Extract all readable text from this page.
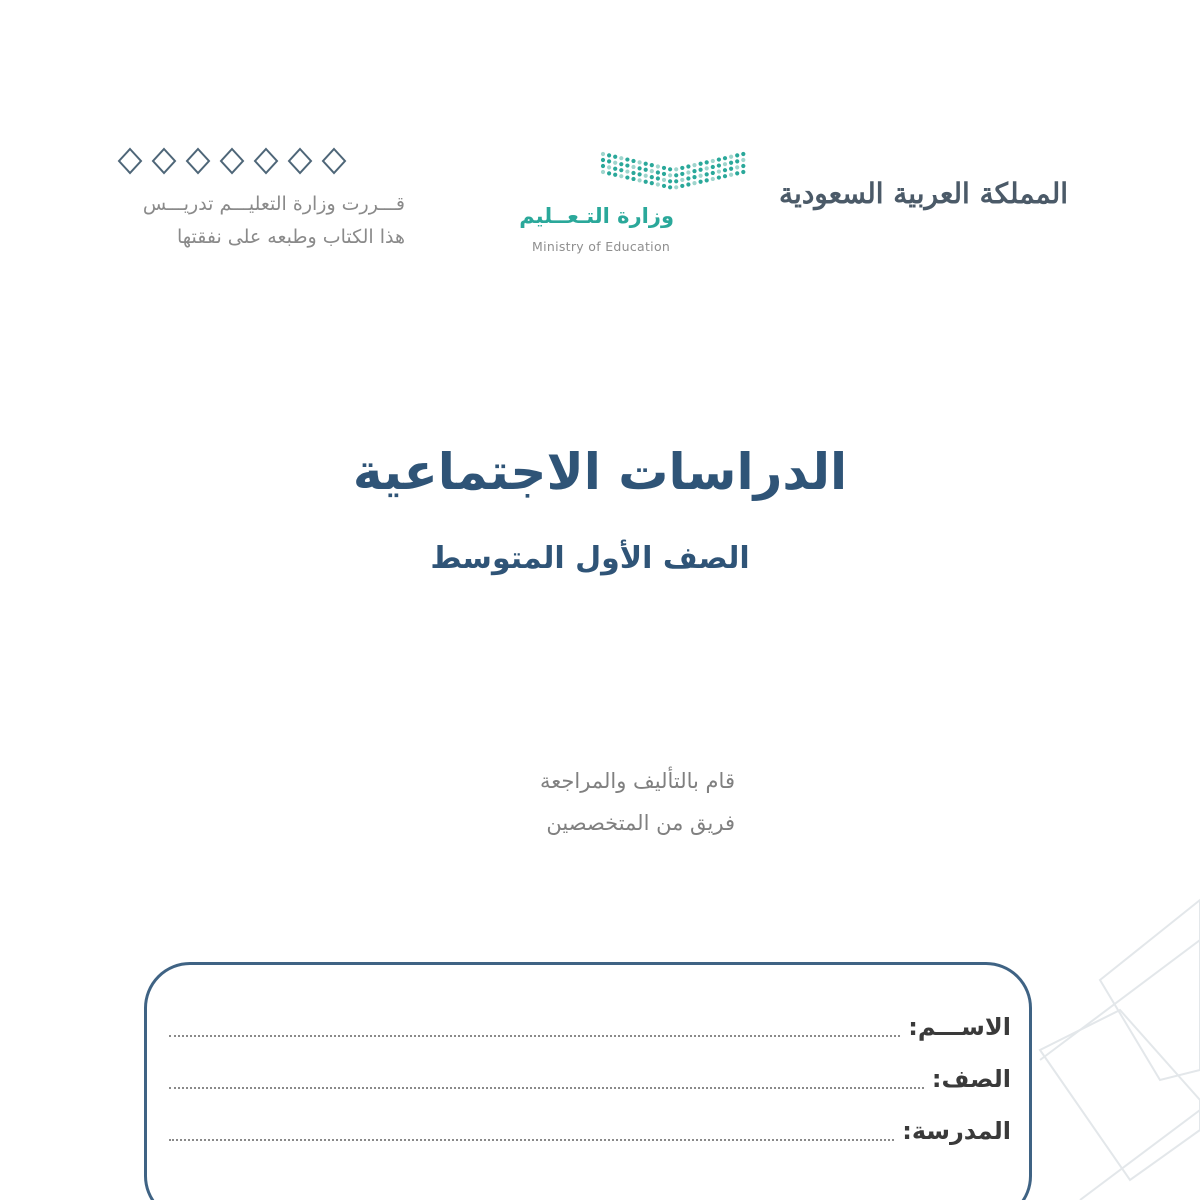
قـــررت وزارة التعليـــم تدريـــس
هذا الكتاب وطبعه على نفقتها
وزارة التـعــليم
Ministry of Education
المملكة العربية السعودية
الدراسات الاجتماعية
الصف الأول المتوسط
قام بالتأليف والمراجعة
فريق من المتخصصين
الاســـم:
الصف:
المدرسة:
